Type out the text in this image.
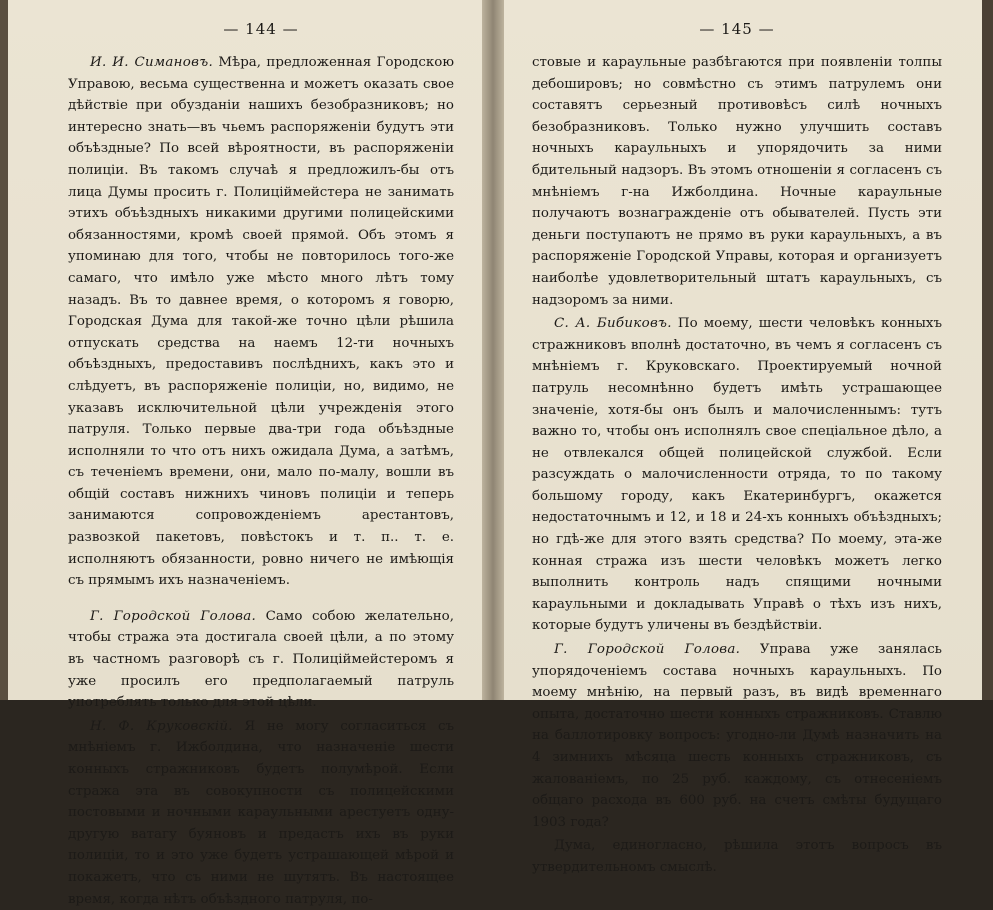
— 144 —

И. И. Симановъ. Мѣра, предложенная Городскою Управою, весьма существенна и можетъ оказать свое дѣйствіе при обузданіи нашихъ безобразниковъ; но интересно знать—въ чьемъ распоряженіи будутъ эти объѣздные? По всей вѣроятности, въ распоряженіи полиціи. Въ такомъ случаѣ я предложилъ-бы отъ лица Думы просить г. Полиціймейстера не занимать этихъ объѣздныхъ никакими другими полицейскими обязанностями, кромѣ своей прямой. Объ этомъ я упоминаю для того, чтобы не повторилось того-же самаго, что имѣло уже мѣсто много лѣтъ тому назадъ. Въ то давнее время, о которомъ я говорю, Городская Дума для такой-же точно цѣли рѣшила отпускать средства на наемъ 12-ти ночныхъ объѣздныхъ, предоставивъ послѣднихъ, какъ это и слѣдуетъ, въ распоряженіе полиціи, но, видимо, не указавъ исключительной цѣли учрежденія этого патруля. Только первые два-три года объѣздные исполняли то что отъ нихъ ожидала Дума, а затѣмъ, съ теченіемъ времени, они, мало по-малу, вошли въ общій составъ нижнихъ чиновъ полиціи и теперь занимаются сопровожденіемъ арестантовъ, развозкой пакетовъ, повѣстокъ и т. п.. т. е. исполняютъ обязанности, ровно ничего не имѣющія съ прямымъ ихъ назначеніемъ.

Г. Городской Голова. Само собою желательно, чтобы стража эта достигала своей цѣли, а по этому въ частномъ разговорѣ съ г. Полиціймейстеромъ я уже просилъ его предполагаемый патруль употреблять только для этой цѣли.

Н. Ф. Круковскій. Я не могу согласиться съ мнѣніемъ г. Ижболдина, что назначеніе шести конныхъ стражниковъ будетъ полумѣрой. Если стража эта въ совокупности съ полицейскими постовыми и ночными караульными арестуетъ одну-другую ватагу буяновъ и предастъ ихъ въ руки полиціи, то и это уже будетъ устрашающей мѣрой и покажетъ, что съ ними не шутятъ. Въ настоящее время, когда нѣтъ объѣздного патруля, по-

— 145 —

стовые и караульные разбѣгаются при появленіи толпы дебошировъ; но совмѣстно съ этимъ патрулемъ они составятъ серьезный противовѣсъ силѣ ночныхъ безобразниковъ. Только нужно улучшить составъ ночныхъ караульныхъ и упорядочить за ними бдительный надзоръ. Въ этомъ отношеніи я согласенъ съ мнѣніемъ г-на Ижболдина. Ночные караульные получаютъ вознагражденіе отъ обывателей. Пусть эти деньги поступаютъ не прямо въ руки караульныхъ, а въ распоряженіе Городской Управы, которая и организуетъ наиболѣе удовлетворительный штатъ караульныхъ, съ надзоромъ за ними.

С. А. Бибиковъ. По моему, шести человѣкъ конныхъ стражниковъ вполнѣ достаточно, въ чемъ я согласенъ съ мнѣніемъ г. Круковскаго. Проектируемый ночной патруль несомнѣнно будетъ имѣть устрашающее значеніе, хотя-бы онъ былъ и малочисленнымъ: тутъ важно то, чтобы онъ исполнялъ свое спеціальное дѣло, а не отвлекался общей полицейской службой. Если разсуждать о малочисленности отряда, то по такому большому городу, какъ Екатеринбургъ, окажется недостаточнымъ и 12, и 18 и 24-хъ конныхъ объѣздныхъ; но гдѣ-же для этого взять средства? По моему, эта-же конная стража изъ шести человѣкъ можетъ легко выполнить контроль надъ спящими ночными караульными и докладывать Управѣ о тѣхъ изъ нихъ, которые будутъ уличены въ бездѣйствіи.

Г. Городской Голова. Управа уже занялась упорядоченіемъ состава ночныхъ караульныхъ. По моему мнѣнію, на первый разъ, въ видѣ временнаго опыта, достаточно шести конныхъ стражниковъ. Ставлю на баллотировку вопросъ: угодно-ли Думѣ назначить на 4 зимнихъ мѣсяца шесть конныхъ стражниковъ, съ жалованіемъ, по 25 руб. каждому, съ отнесеніемъ общаго расхода въ 600 руб. на счетъ смѣты будущаго 1903 года?

Дума, единогласно, рѣшила этотъ вопросъ въ утвердительномъ смыслѣ.
